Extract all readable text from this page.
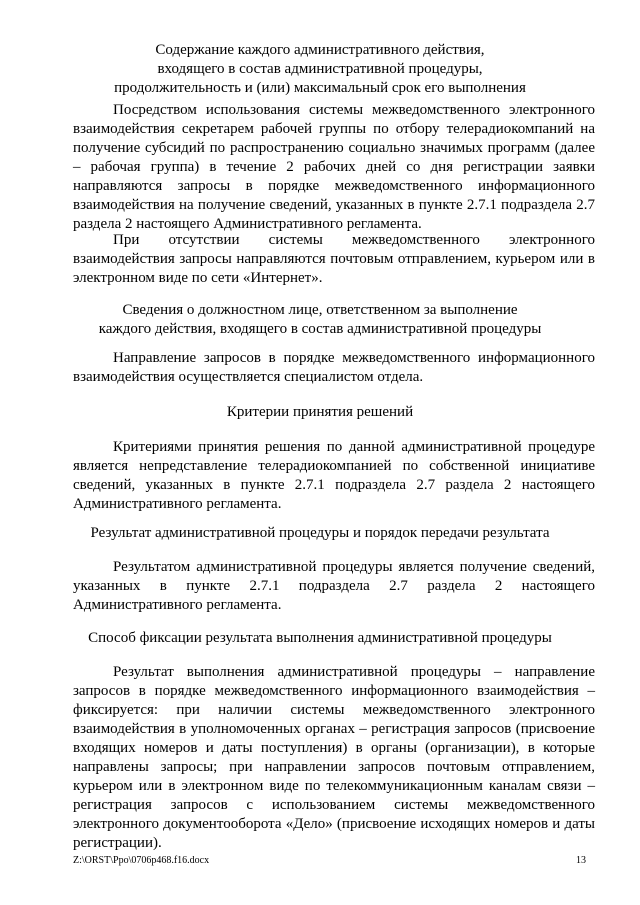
Содержание каждого административного действия,
входящего в состав административной процедуры,
продолжительность и (или) максимальный срок его выполнения
Посредством использования системы межведомственного электронного взаимодействия секретарем рабочей группы по отбору телерадиокомпаний на получение субсидий по распространению социально значимых программ (далее – рабочая группа) в течение 2 рабочих дней со дня регистрации заявки направляются запросы в порядке межведомственного информационного взаимодействия на получение сведений, указанных в пункте 2.7.1 подраздела 2.7 раздела 2 настоящего Административного регламента.
При отсутствии системы межведомственного электронного взаимодействия запросы направляются почтовым отправлением, курьером или в электронном виде по сети «Интернет».
Сведения о должностном лице, ответственном за выполнение
каждого действия, входящего в состав административной процедуры
Направление запросов в порядке межведомственного информационного взаимодействия осуществляется специалистом отдела.
Критерии принятия решений
Критериями принятия решения по данной административной процедуре является непредставление телерадиокомпанией по собственной инициативе сведений, указанных в пункте 2.7.1 подраздела 2.7 раздела 2 настоящего Административного регламента.
Результат административной процедуры и порядок передачи результата
Результатом административной процедуры является получение сведений, указанных в пункте 2.7.1 подраздела 2.7 раздела 2 настоящего Административного регламента.
Способ фиксации результата выполнения административной процедуры
Результат выполнения административной процедуры – направление запросов в порядке межведомственного информационного взаимодействия – фиксируется: при наличии системы межведомственного электронного взаимодействия в уполномоченных органах – регистрация запросов (присвоение входящих номеров и даты поступления) в органы (организации), в которые направлены запросы; при направлении запросов почтовым отправлением, курьером или в электронном виде по телекоммуникационным каналам связи – регистрация запросов с использованием системы межведомственного электронного документооборота «Дело» (присвоение исходящих номеров и даты регистрации).
Z:\ORST\Ppo\0706p468.f16.docx	13
